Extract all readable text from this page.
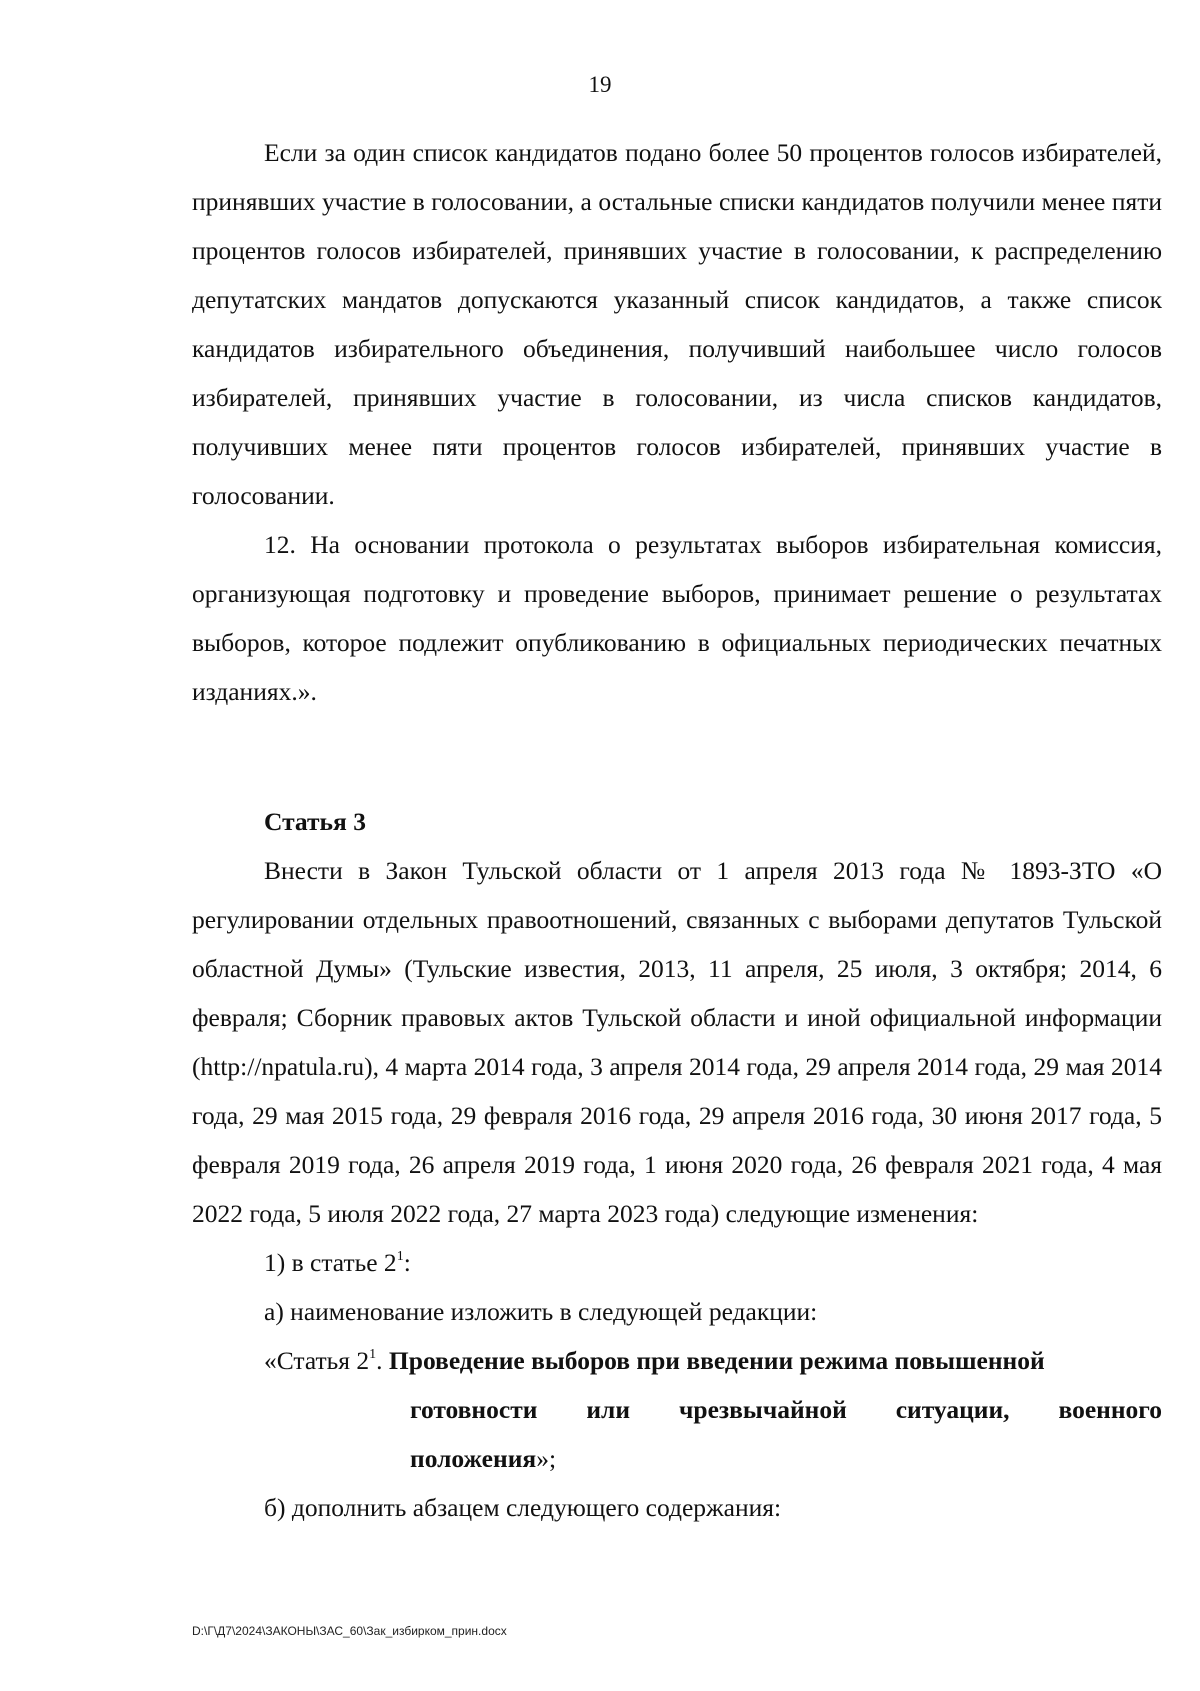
19

Если за один список кандидатов подано более 50 процентов голосов избирателей, принявших участие в голосовании, а остальные списки кандидатов получили менее пяти процентов голосов избирателей, принявших участие в голосовании, к распределению депутатских мандатов допускаются указанный список кандидатов, а также список кандидатов избирательного объединения, получивший наибольшее число голосов избирателей, принявших участие в голосовании, из числа списков кандидатов, получивших менее пяти процентов голосов избирателей, принявших участие в голосовании.

12. На основании протокола о результатах выборов избирательная комиссия, организующая подготовку и проведение выборов, принимает решение о результатах выборов, которое подлежит опубликованию в официальных периодических печатных изданиях.».

Статья 3

Внести в Закон Тульской области от 1 апреля 2013 года № 1893-ЗТО «О регулировании отдельных правоотношений, связанных с выборами депутатов Тульской областной Думы» (Тульские известия, 2013, 11 апреля, 25 июля, 3 октября; 2014, 6 февраля; Сборник правовых актов Тульской области и иной официальной информации (http://npatula.ru), 4 марта 2014 года, 3 апреля 2014 года, 29 апреля 2014 года, 29 мая 2014 года, 29 мая 2015 года, 29 февраля 2016 года, 29 апреля 2016 года, 30 июня 2017 года, 5 февраля 2019 года, 26 апреля 2019 года, 1 июня 2020 года, 26 февраля 2021 года, 4 мая 2022 года, 5 июля 2022 года, 27 марта 2023 года) следующие изменения:

1) в статье $2^1$:

а) наименование изложить в следующей редакции:

«Статья $2^1$. Проведение выборов при введении режима повышенной
готовности или чрезвычайной ситуации, военного
положения»;

б) дополнить абзацем следующего содержания:

D:\Г\Д7\2024\ЗАКОНЫ\ЗАС_60\Зак_избирком_прин.docx
